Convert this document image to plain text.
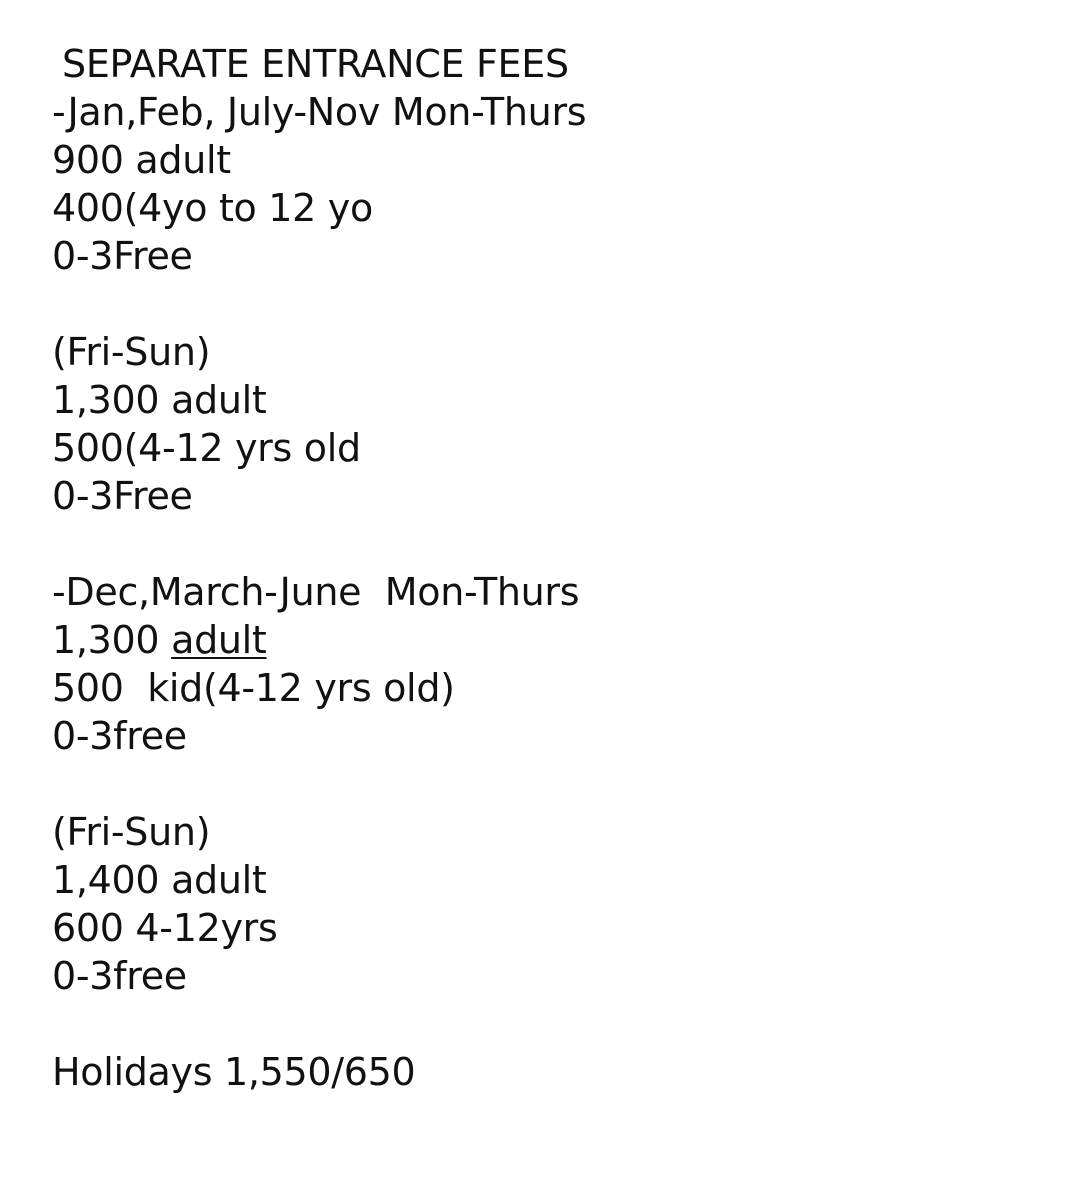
SEPARATE ENTRANCE FEES
-Jan,Feb, July-Nov Mon-Thurs
900 adult
400(4yo to 12 yo
0-3Free
(Fri-Sun)
1,300 adult
500(4-12 yrs old
0-3Free
-Dec,March-June  Mon-Thurs
1,300 adult
500  kid(4-12 yrs old)
0-3free
(Fri-Sun)
1,400 adult
600 4-12yrs
0-3free
Holidays 1,550/650
